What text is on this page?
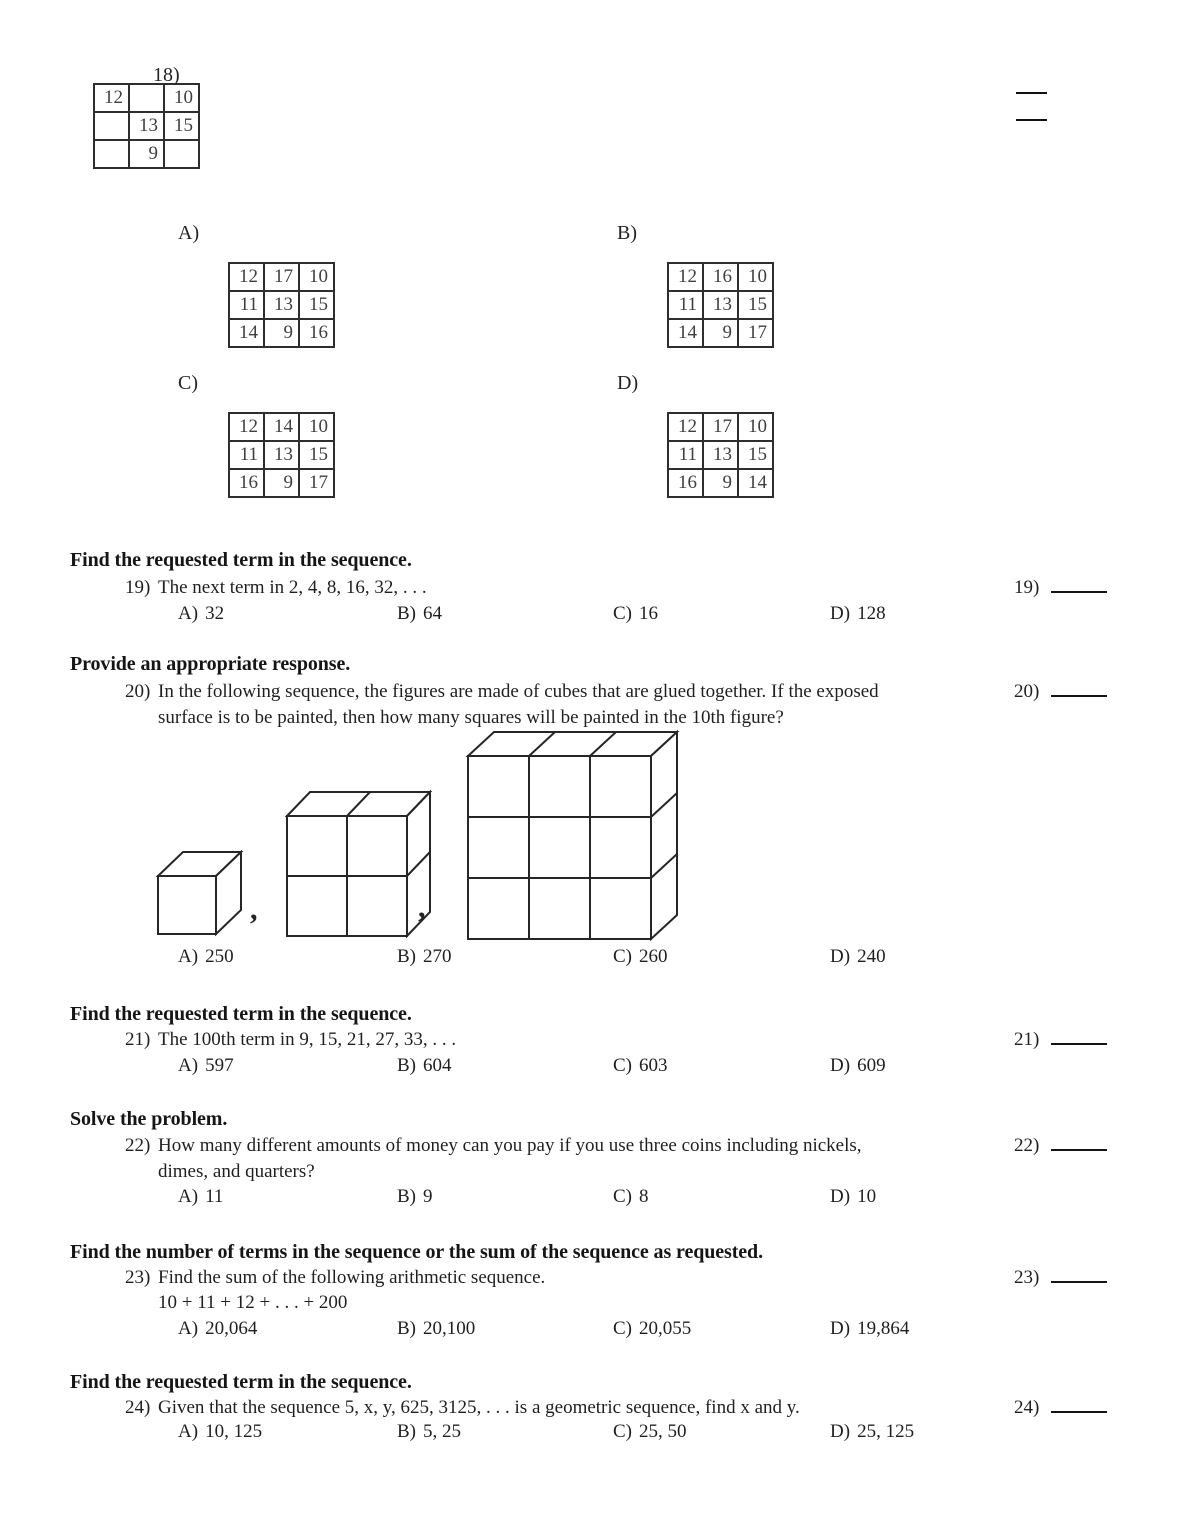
18)
12		10
	13	15
	9	
A)
12	17	10
11	13	15
14	9	16
B)
12	16	10
11	13	15
14	9	17
C)
12	14	10
11	13	15
16	9	17
D)
12	17	10
11	13	15
16	9	14
Find the requested term in the sequence.
19) The next term in 2, 4, 8, 16, 32, . . .	19)
A) 32	B) 64	C) 16	D) 128
Provide an appropriate response.
20) In the following sequence, the figures are made of cubes that are glued together. If the exposed
surface is to be painted, then how many squares will be painted in the 10th figure?
20)
,	,
A) 250	B) 270	C) 260	D) 240
Find the requested term in the sequence.
21) The 100th term in 9, 15, 21, 27, 33, . . .	21)
A) 597	B) 604	C) 603	D) 609
Solve the problem.
22) How many different amounts of money can you pay if you use three coins including nickels,
dimes, and quarters?
22)
A) 11	B) 9	C) 8	D) 10
Find the number of terms in the sequence or the sum of the sequence as requested.
23) Find the sum of the following arithmetic sequence.
10 + 11 + 12 + . . . + 200
23)
A) 20,064	B) 20,100	C) 20,055	D) 19,864
Find the requested term in the sequence.
24) Given that the sequence 5, x, y, 625, 3125, . . . is a geometric sequence, find x and y.	24)
A) 10, 125	B) 5, 25	C) 25, 50	D) 25, 125
